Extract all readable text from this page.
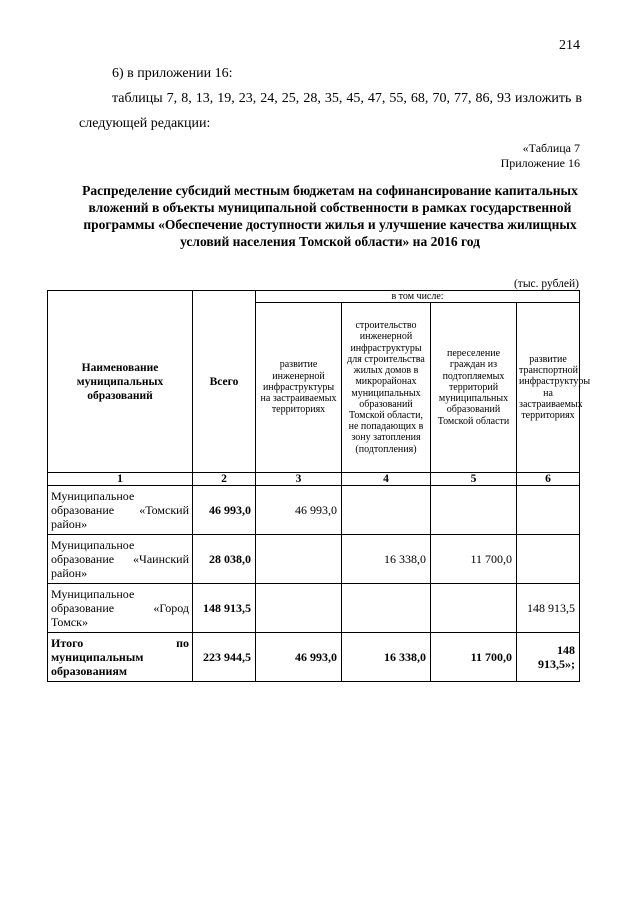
214
6) в приложении 16:
таблицы 7, 8, 13, 19, 23, 24, 25, 28, 35, 45, 47, 55, 68, 70, 77, 86, 93 изложить в
следующей редакции:
«Таблица 7
Приложение 16
Распределение субсидий местным бюджетам на софинансирование капитальных вложений в объекты муниципальной собственности в рамках государственной программы «Обеспечение доступности жилья и улучшение качества жилищных условий населения Томской области» на 2016 год
(тыс. рублей)
Наименование муниципальных образований	Всего	в том числе:			
		развитие инженерной инфраструктуры на застраиваемых территориях	строительство инженерной инфраструктуры для строительства жилых домов в микрорайонах муниципальных образований Томской области, не попадающих в зону затопления (подтопления)	переселение граждан из подтопляемых территорий муниципальных образований Томской области	развитие транспортной инфраструктуры на застраиваемых территориях
1	2	3	4	5	6
Муниципальное образование «Томский
район»	46 993,0	46 993,0			
Муниципальное образование «Чаинский
район»	28 038,0		16 338,0	11 700,0	
Муниципальное образование «Город
Томск»	148 913,5				148 913,5
Итого по
муниципальным образованиям	223 944,5	46 993,0	16 338,0	11 700,0	148 913,5»;
